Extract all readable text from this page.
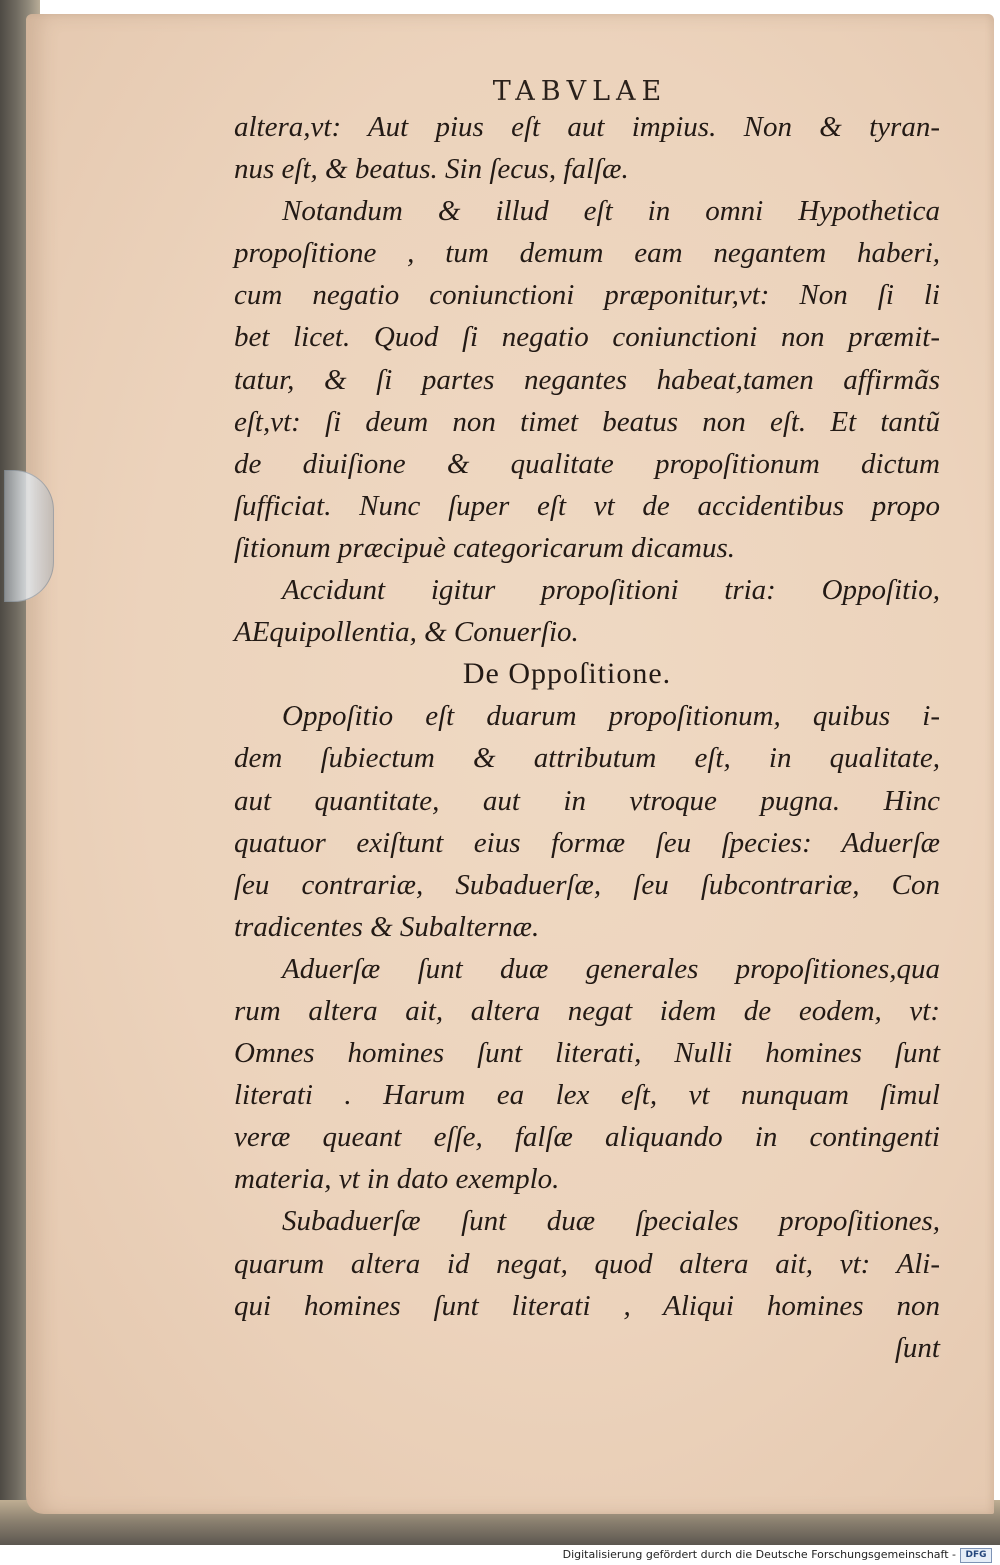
TABVLAE
altera,vt: Aut pius eſt aut impius. Non & tyran-
nus eſt, & beatus. Sin ſecus, falſæ.
Notandum & illud eſt in omni Hypothetica
propoſitione , tum demum eam negantem haberi,
cum negatio coniunctioni præponitur,vt: Non ſi li
bet licet. Quod ſi negatio coniunctioni non præmit-
tatur, & ſi partes negantes habeat,tamen affirmãs
eſt,vt: ſi deum non timet beatus non eſt. Et tantũ
de diuiſione & qualitate propoſitionum dictum
ſufficiat. Nunc ſuper eſt vt de accidentibus propo
ſitionum præcipuè categoricarum dicamus.
Accidunt igitur propoſitioni tria: Oppoſitio,
AEquipollentia, & Conuerſio.
De Oppoſitione.
Oppoſitio eſt duarum propoſitionum, quibus i-
dem ſubiectum & attributum eſt, in qualitate,
aut quantitate, aut in vtroque pugna. Hinc
quatuor exiſtunt eius formæ ſeu ſpecies: Aduerſæ
ſeu contrariæ, Subaduerſæ, ſeu ſubcontrariæ, Con
tradicentes & Subalternæ.
Aduerſæ ſunt duæ generales propoſitiones,qua
rum altera ait, altera negat idem de eodem, vt:
Omnes homines ſunt literati, Nulli homines ſunt
literati . Harum ea lex eſt, vt nunquam ſimul
veræ queant eſſe, falſæ aliquando in contingenti
materia, vt in dato exemplo.
Subaduerſæ ſunt duæ ſpeciales propoſitiones,
quarum altera id negat, quod altera ait, vt: Ali-
qui homines ſunt literati , Aliqui homines non
ſunt
Digitalisierung gefördert durch die Deutsche Forschungsgemeinschaft -	DFG
